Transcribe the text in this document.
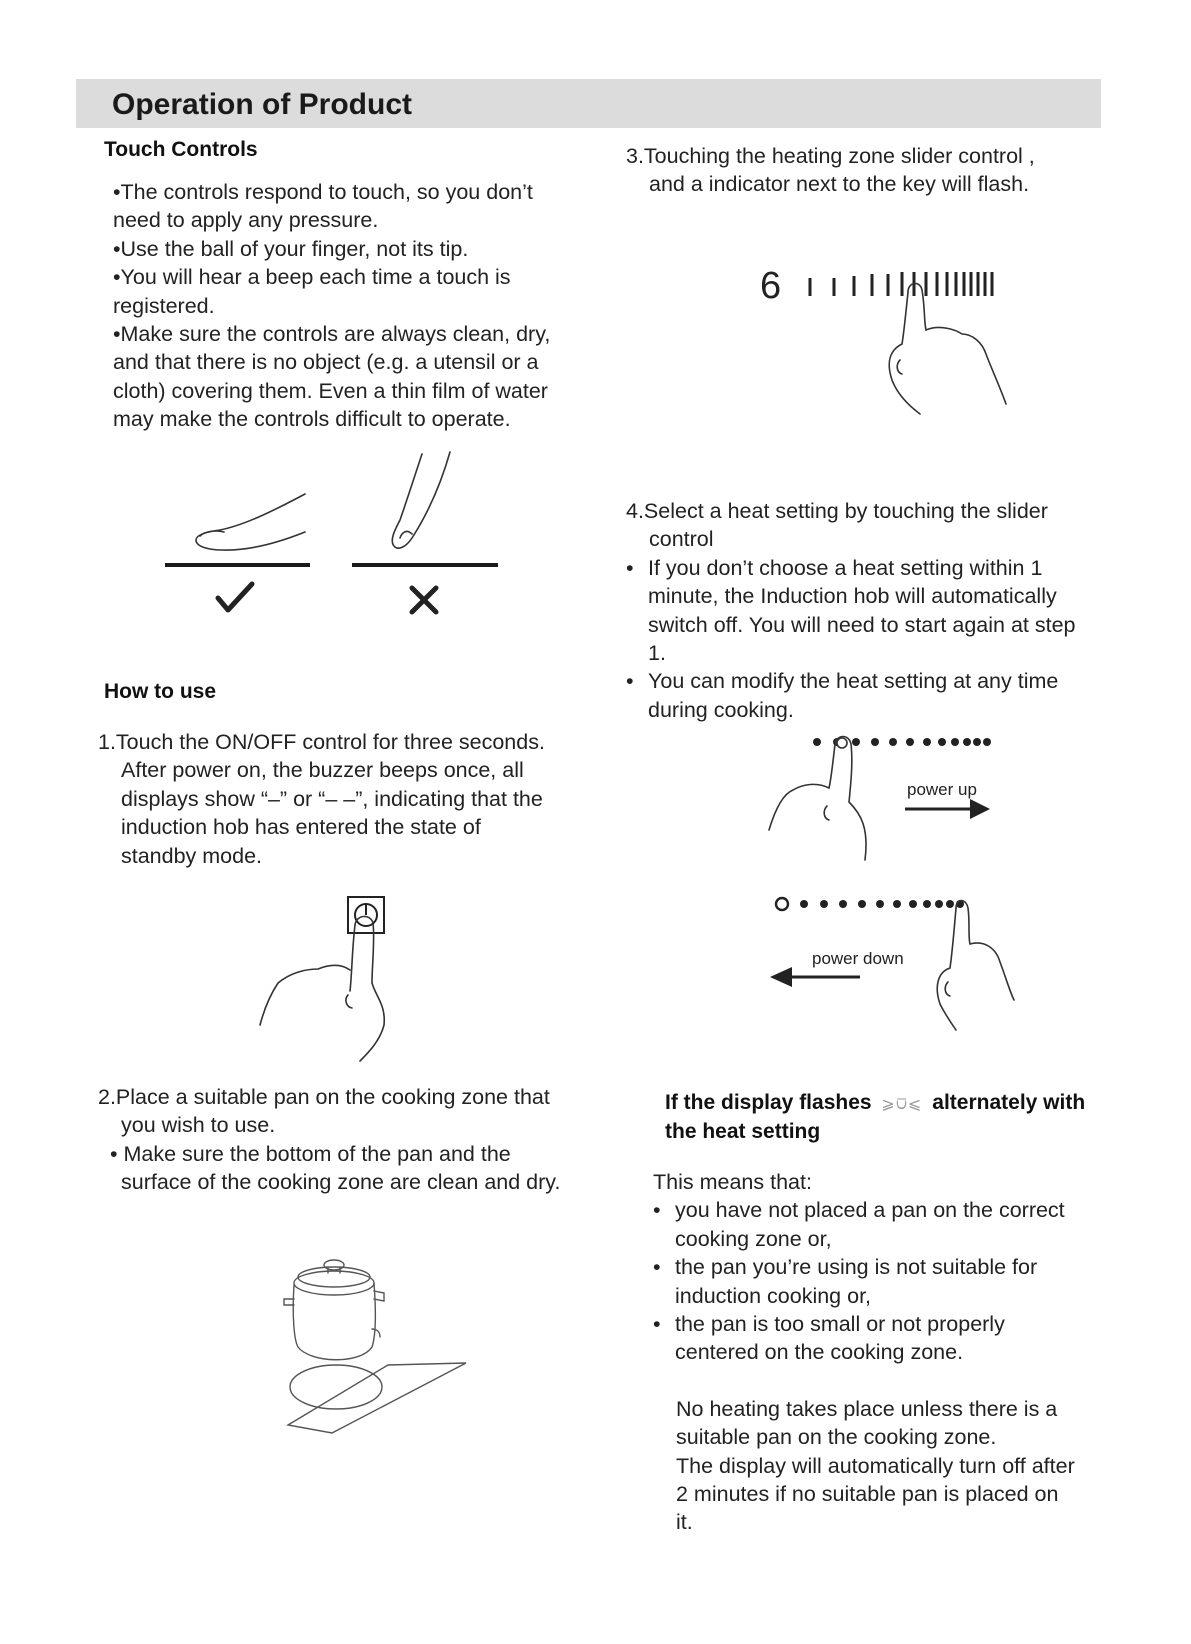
Operation of Product
Touch Controls

•The controls respond to touch, so you don’t

need to apply any pressure.

•Use the ball of your finger, not its tip.

•You will hear a beep each time a touch is

registered.

•Make sure the controls are always clean, dry,

and that there is no object (e.g. a utensil or a

cloth) covering them. Even a thin film of water

may make the controls difficult to operate.

How to use

1.Touch the ON/OFF control for three seconds.

After power on, the buzzer beeps once, all

displays show “–” or “– –”, indicating that the

induction hob has entered the state of

standby mode.

2.Place a suitable pan on the cooking zone that

you wish to use.

• Make sure the bottom of the pan and the

surface of the cooking zone are clean and dry.

3.Touching the heating zone slider control ,

and a indicator next to the key will flash.

6

4.Select a heat setting by touching the slider

control

• If you don’t choose a heat setting within 1

minute, the Induction hob will automatically

switch off. You will need to start again at step

1.

• You can modify the heat setting at any time

during cooking.

power up
power down
If the display flashes ⩾⩂⩽ alternately with
the heat setting

This means that:

• you have not placed a pan on the correct

cooking zone or,

• the pan you’re using is not suitable for

induction cooking or,

• the pan is too small or not properly

centered on the cooking zone.

No heating takes place unless there is a

suitable pan on the cooking zone.

The display will automatically turn off after

2 minutes if no suitable pan is placed on

it.
